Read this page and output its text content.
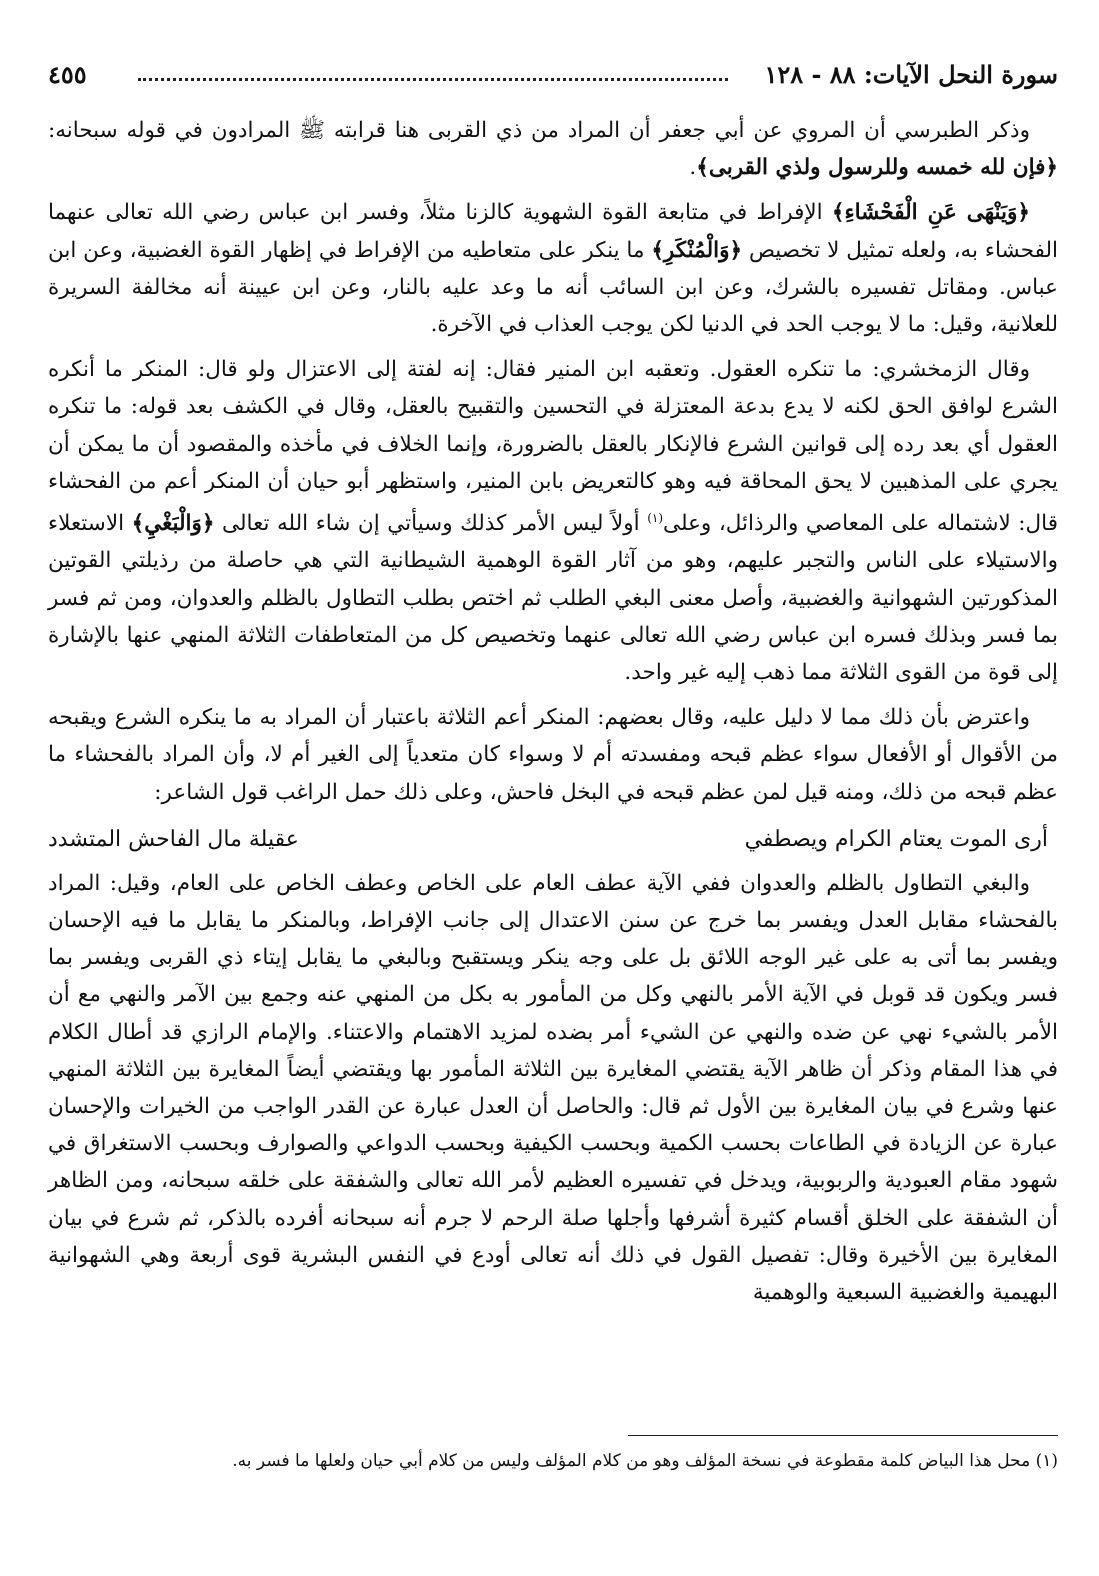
سورة النحل الآيات: ٨٨ - ١٢٨
٤٥٥

وذكر الطبرسي أن المروي عن أبي جعفر أن المراد من ذي القربى هنا قرابته ﷺ المرادون في قوله سبحانه: ﴿فإن لله خمسه وللرسول ولذي القربى﴾.

﴿وَيَنْهَى عَنِ الْفَحْشَاءِ﴾ الإفراط في متابعة القوة الشهوية كالزنا مثلاً، وفسر ابن عباس رضي الله تعالى عنهما الفحشاء به، ولعله تمثيل لا تخصيص ﴿وَالْمُنْكَرِ﴾ ما ينكر على متعاطيه من الإفراط في إظهار القوة الغضبية، وعن ابن عباس. ومقاتل تفسيره بالشرك، وعن ابن السائب أنه ما وعد عليه بالنار، وعن ابن عيينة أنه مخالفة السريرة للعلانية، وقيل: ما لا يوجب الحد في الدنيا لكن يوجب العذاب في الآخرة.

وقال الزمخشري: ما تنكره العقول. وتعقبه ابن المنير فقال: إنه لفتة إلى الاعتزال ولو قال: المنكر ما أنكره الشرع لوافق الحق لكنه لا يدع بدعة المعتزلة في التحسين والتقبيح بالعقل، وقال في الكشف بعد قوله: ما تنكره العقول أي بعد رده إلى قوانين الشرع فالإنكار بالعقل بالضرورة، وإنما الخلاف في مأخذه والمقصود أن ما يمكن أن يجري على المذهبين لا يحق المحاقة فيه وهو كالتعريض بابن المنير، واستظهر أبو حيان أن المنكر أعم من الفحشاء قال: لاشتماله على المعاصي والرذائل، وعلى$^{(١)}$ أولاً ليس الأمر كذلك وسيأتي إن شاء الله تعالى ﴿وَالْبَغْيِ﴾ الاستعلاء والاستيلاء على الناس والتجبر عليهم، وهو من آثار القوة الوهمية الشيطانية التي هي حاصلة من رذيلتي القوتين المذكورتين الشهوانية والغضبية، وأصل معنى البغي الطلب ثم اختص بطلب التطاول بالظلم والعدوان، ومن ثم فسر بما فسر وبذلك فسره ابن عباس رضي الله تعالى عنهما وتخصيص كل من المتعاطفات الثلاثة المنهي عنها بالإشارة إلى قوة من القوى الثلاثة مما ذهب إليه غير واحد.

واعترض بأن ذلك مما لا دليل عليه، وقال بعضهم: المنكر أعم الثلاثة باعتبار أن المراد به ما ينكره الشرع ويقبحه من الأقوال أو الأفعال سواء عظم قبحه ومفسدته أم لا وسواء كان متعدياً إلى الغير أم لا، وأن المراد بالفحشاء ما عظم قبحه من ذلك، ومنه قيل لمن عظم قبحه في البخل فاحش، وعلى ذلك حمل الراغب قول الشاعر:

أرى الموت يعتام الكرام ويصطفي
عقيلة مال الفاحش المتشدد

والبغي التطاول بالظلم والعدوان ففي الآية عطف العام على الخاص وعطف الخاص على العام، وقيل: المراد بالفحشاء مقابل العدل ويفسر بما خرج عن سنن الاعتدال إلى جانب الإفراط، وبالمنكر ما يقابل ما فيه الإحسان ويفسر بما أتى به على غير الوجه اللائق بل على وجه ينكر ويستقبح وبالبغي ما يقابل إيتاء ذي القربى ويفسر بما فسر ويكون قد قوبل في الآية الأمر بالنهي وكل من المأمور به بكل من المنهي عنه وجمع بين الآمر والنهي مع أن الأمر بالشيء نهي عن ضده والنهي عن الشيء أمر بضده لمزيد الاهتمام والاعتناء. والإمام الرازي قد أطال الكلام في هذا المقام وذكر أن ظاهر الآية يقتضي المغايرة بين الثلاثة المأمور بها ويقتضي أيضاً المغايرة بين الثلاثة المنهي عنها وشرع في بيان المغايرة بين الأول ثم قال: والحاصل أن العدل عبارة عن القدر الواجب من الخيرات والإحسان عبارة عن الزيادة في الطاعات بحسب الكمية وبحسب الكيفية وبحسب الدواعي والصوارف وبحسب الاستغراق في شهود مقام العبودية والربوبية، ويدخل في تفسيره العظيم لأمر الله تعالى والشفقة على خلقه سبحانه، ومن الظاهر أن الشفقة على الخلق أقسام كثيرة أشرفها وأجلها صلة الرحم لا جرم أنه سبحانه أفرده بالذكر، ثم شرع في بيان المغايرة بين الأخيرة وقال: تفصيل القول في ذلك أنه تعالى أودع في النفس البشرية قوى أربعة وهي الشهوانية البهيمية والغضبية السبعية والوهمية

(١) محل هذا البياض كلمة مقطوعة في نسخة المؤلف وهو من كلام المؤلف وليس من كلام أبي حيان ولعلها ما فسر به.
